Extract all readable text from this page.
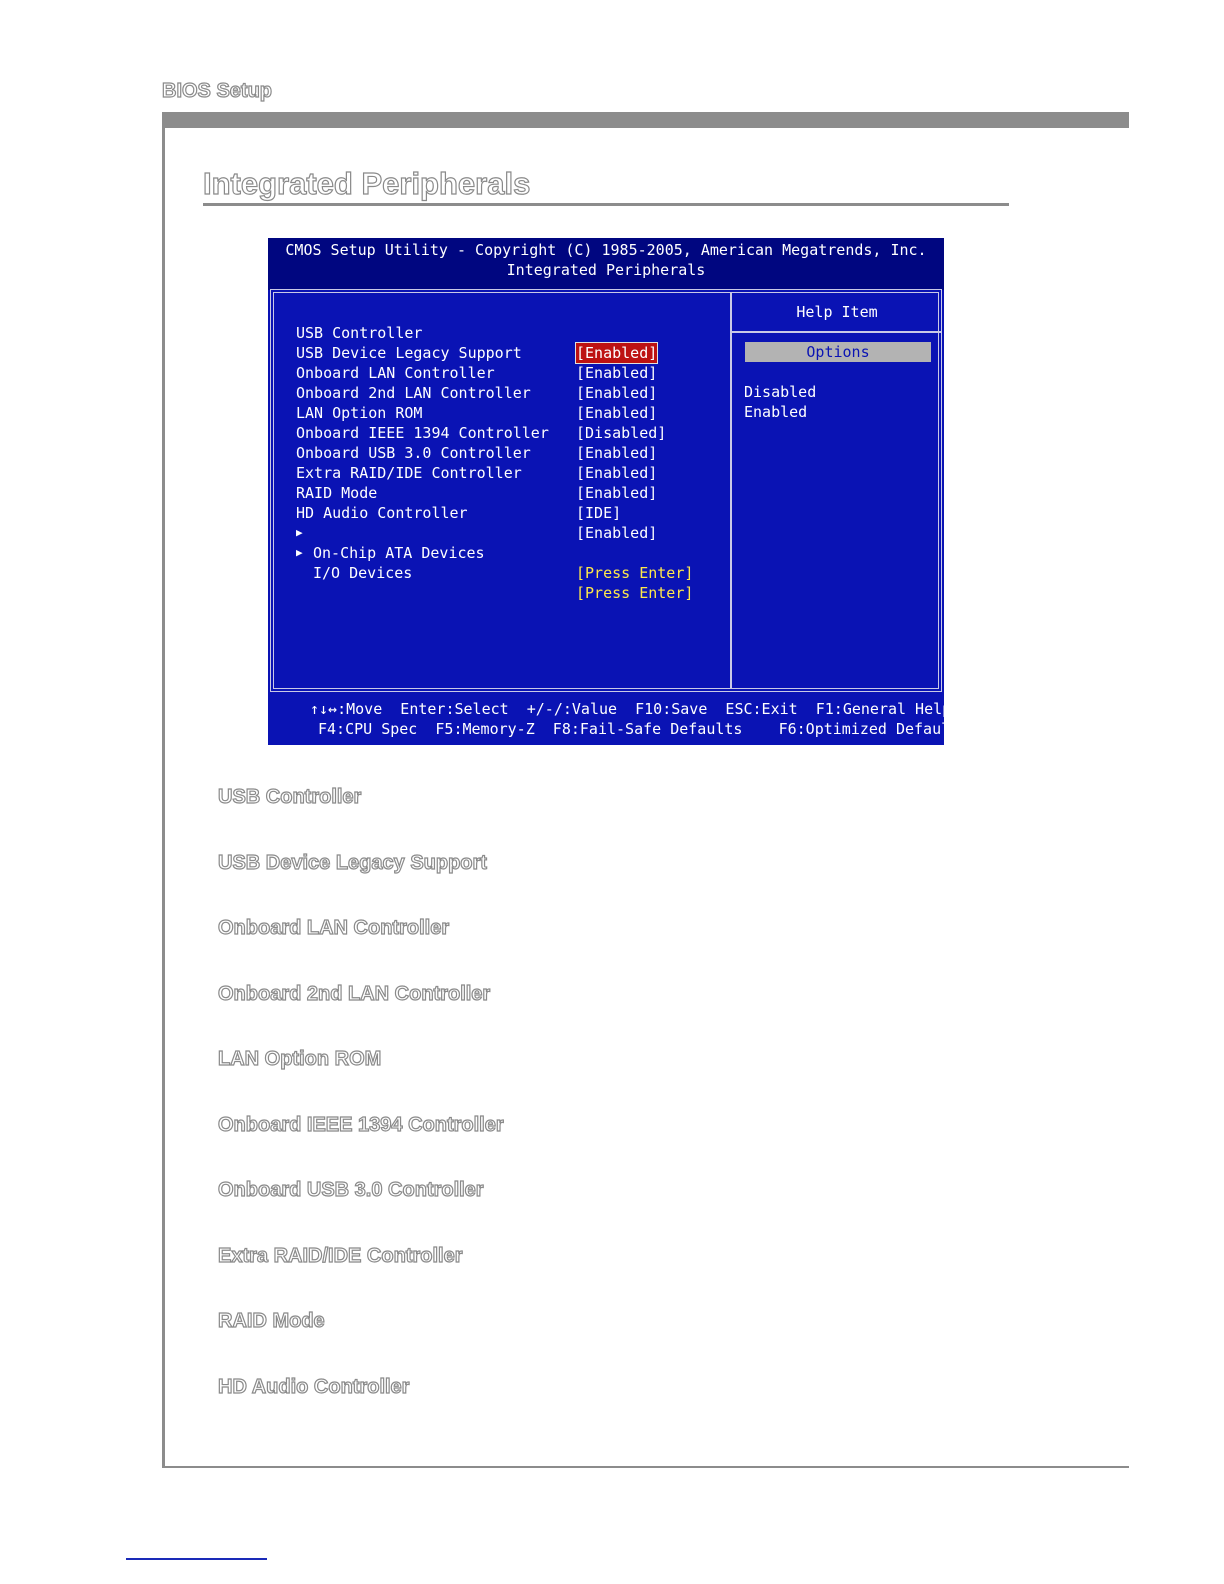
BIOS Setup
Integrated Peripherals
CMOS Setup Utility - Copyright (C) 1985-2005, American Megatrends, Inc.
Integrated Peripherals
Help Item
Options
Disabled
Enabled

USB Controller

[Enabled]

USB Device Legacy Support

[Enabled]

Onboard LAN Controller

[Enabled]

Onboard 2nd LAN Controller

[Enabled]

LAN Option ROM

[Disabled]

Onboard IEEE 1394 Controller

[Enabled]

Onboard USB 3.0 Controller

[Enabled]

Extra RAID/IDE Controller

[Enabled]

RAID Mode

[IDE]

HD Audio Controller

[Enabled]

▶

On-Chip ATA Devices

[Press Enter]

▶

I/O Devices

[Press Enter]

↑↓↔:Move  Enter:Select  +/-/:Value  F10:Save  ESC:Exit  F1:General Help
F4:CPU Spec  F5:Memory-Z  F8:Fail-Safe Defaults    F6:Optimized Defaults
USB Controller
USB Device Legacy Support
Onboard LAN Controller
Onboard 2nd LAN Controller
LAN Option ROM
Onboard IEEE 1394 Controller
Onboard USB 3.0 Controller
Extra RAID/IDE Controller
RAID Mode
HD Audio Controller
